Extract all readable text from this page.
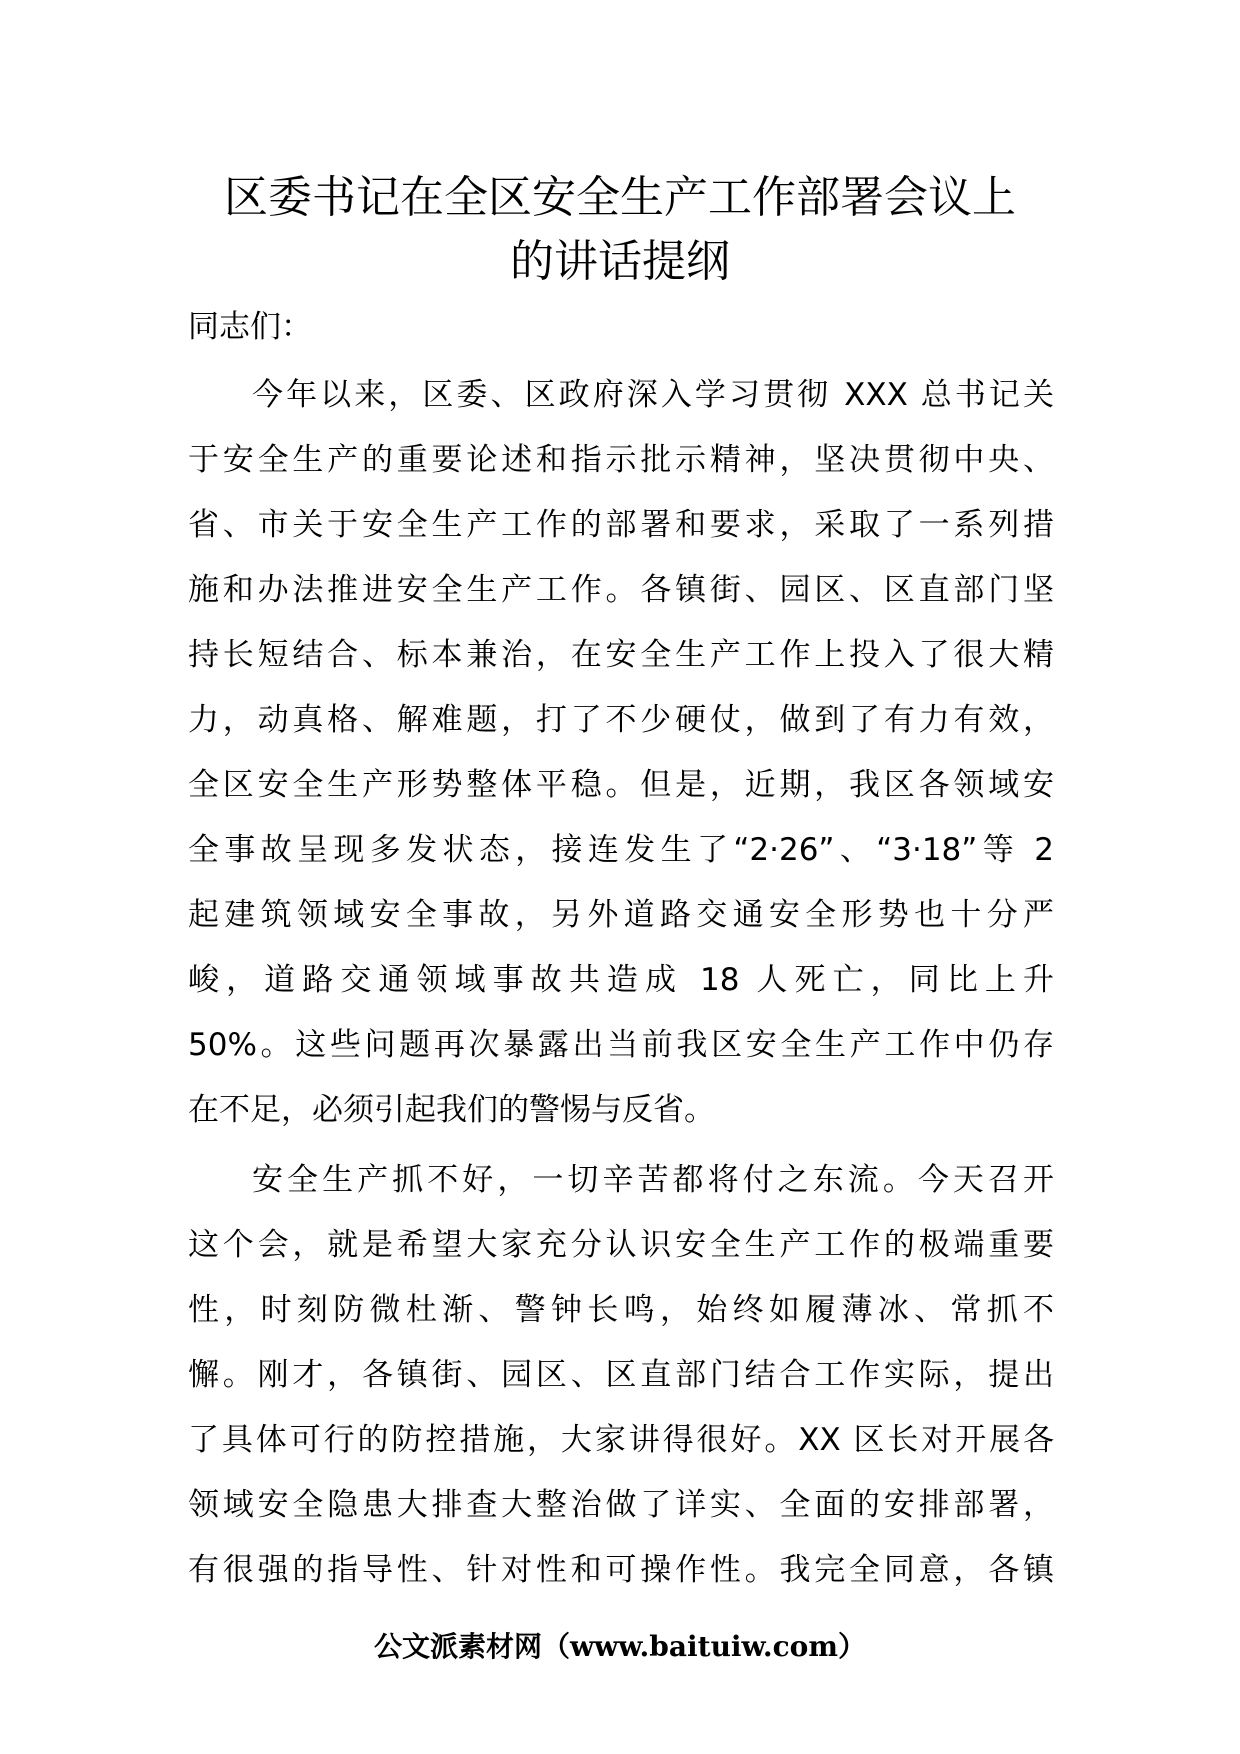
区委书记在全区安全生产工作部署会议上
的讲话提纲
同志们：
今年以来，区委、区政府深入学习贯彻 XXX 总书记关
于安全生产的重要论述和指示批示精神，坚决贯彻中央、
省、市关于安全生产工作的部署和要求，采取了一系列措
施和办法推进安全生产工作。各镇街、园区、区直部门坚
持长短结合、标本兼治，在安全生产工作上投入了很大精
力，动真格、解难题，打了不少硬仗，做到了有力有效，
全区安全生产形势整体平稳。但是，近期，我区各领域安
全事故呈现多发状态，接连发生了“2·26”、“3·18”等 2
起建筑领域安全事故，另外道路交通安全形势也十分严
峻，道路交通领域事故共造成 18 人死亡，同比上升
50%。这些问题再次暴露出当前我区安全生产工作中仍存
在不足，必须引起我们的警惕与反省。
安全生产抓不好，一切辛苦都将付之东流。今天召开
这个会，就是希望大家充分认识安全生产工作的极端重要
性，时刻防微杜渐、警钟长鸣，始终如履薄冰、常抓不
懈。刚才，各镇街、园区、区直部门结合工作实际，提出
了具体可行的防控措施，大家讲得很好。XX 区长对开展各
领域安全隐患大排查大整治做了详实、全面的安排部署，
有很强的指导性、针对性和可操作性。我完全同意，各镇
公文派素材网（www.baituiw.com）
